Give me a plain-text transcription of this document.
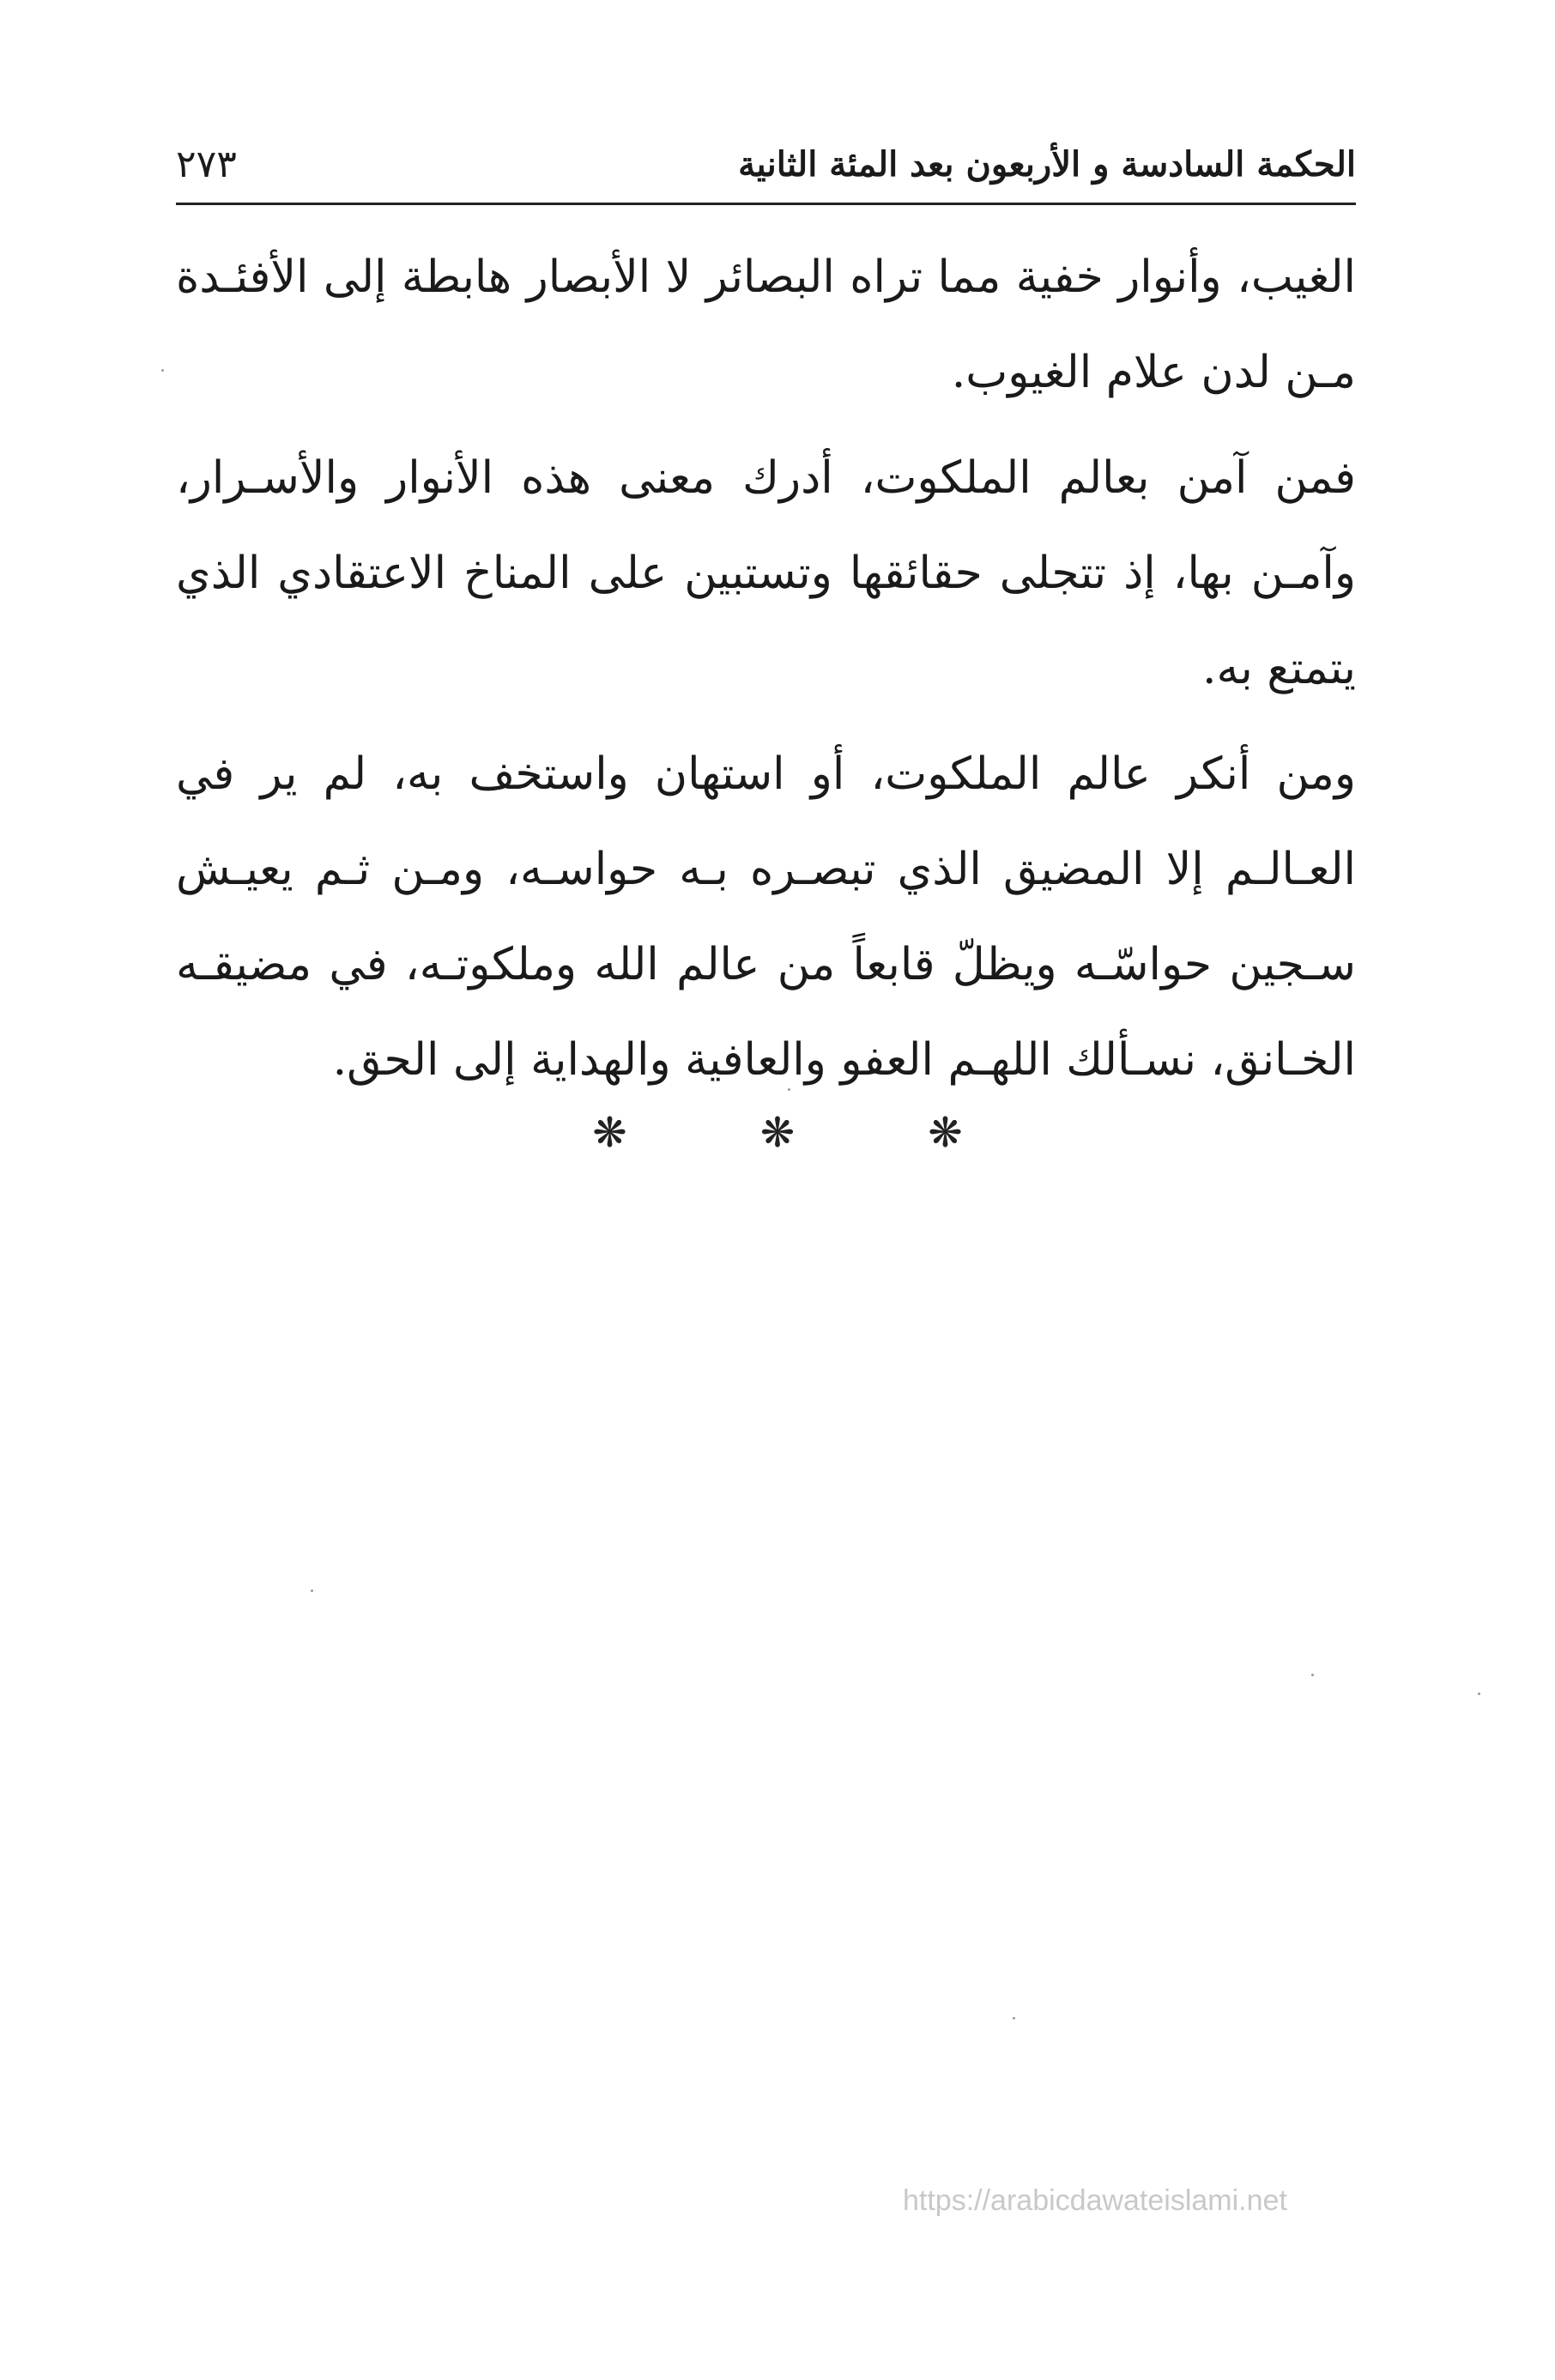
الحكمة السادسة و الأربعون بعد المئة الثانية
٢٧٣

الغيب، وأنوار خفية مما تراه البصائر لا الأبصار هابطة إلى الأفئـدة مـن لدن علام الغيوب.

فمن آمن بعالم الملكوت، أدرك معنى هذه الأنوار والأسـرار، وآمـن بها، إذ تتجلى حقائقها وتستبين على المناخ الاعتقادي الذي يتمتع به.

ومن أنكر عالم الملكوت، أو استهان واستخف به، لم ير في العـالـم إلا المضيق الذي تبصـره بـه حواسـه، ومـن ثـم يعيـش سـجين حواسّـه ويظلّ قابعاً من عالم الله وملكوتـه، في مضيقـه الخـانق، نسـألك اللهـم العفو والعافية والهداية إلى الحق.

❋	❋	❋
https://arabicdawateislami.net
